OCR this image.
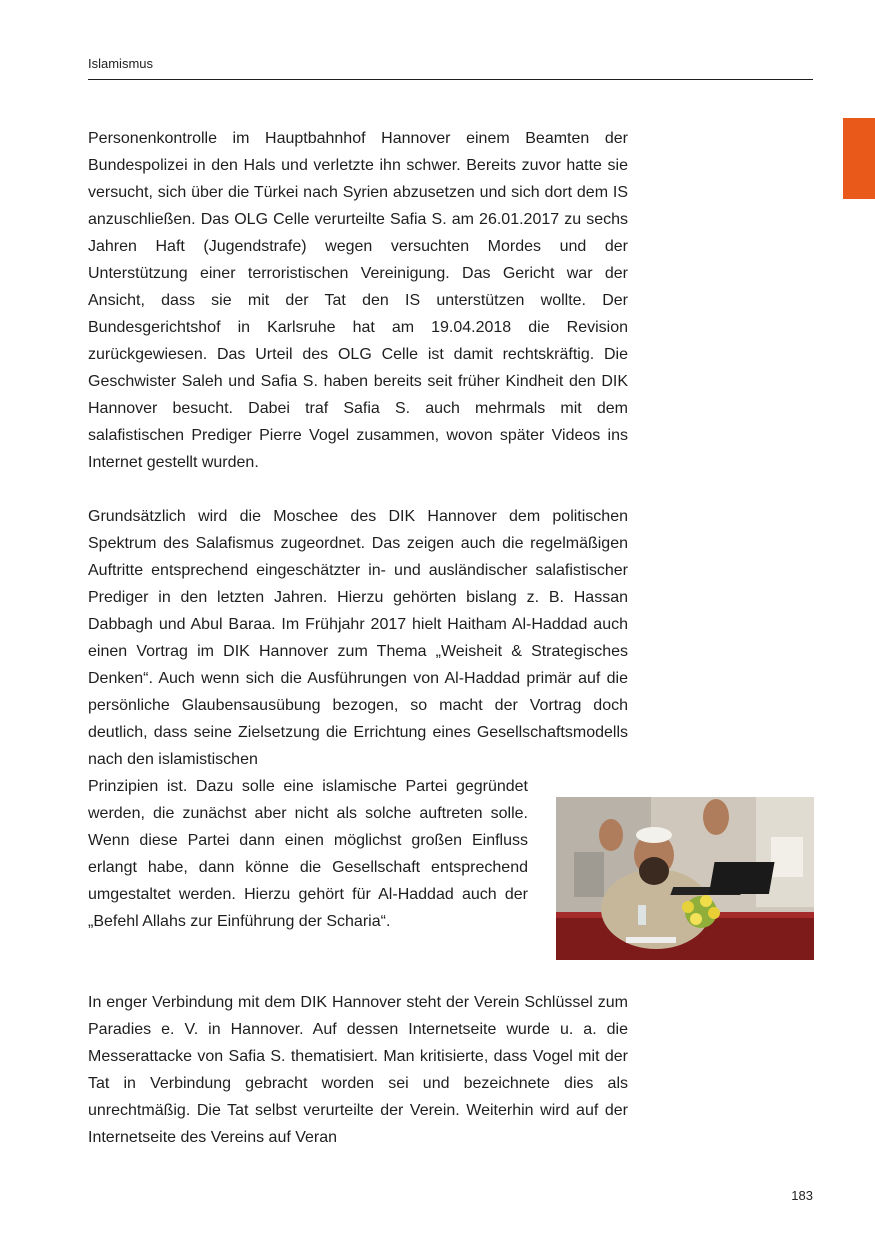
Islamismus

Personenkontrolle im Hauptbahnhof Hannover einem Beamten der Bundespolizei in den Hals und verletzte ihn schwer. Bereits zuvor hatte sie versucht, sich über die Türkei nach Syrien abzusetzen und sich dort dem IS anzuschließen. Das OLG Celle verurteilte Safia S. am 26.01.2017 zu sechs Jahren Haft (Jugendstrafe) wegen versuchten Mordes und der Unterstützung einer terroristischen Vereinigung. Das Gericht war der Ansicht, dass sie mit der Tat den IS unterstützen wollte. Der Bundesgerichtshof in Karlsruhe hat am 19.04.2018 die Revision zurückgewiesen. Das Urteil des OLG Celle ist damit rechtskräftig. Die Geschwister Saleh und Safia S. haben bereits seit früher Kindheit den DIK Hannover besucht. Dabei traf Safia S. auch mehrmals mit dem salafistischen Prediger Pierre Vogel zusammen, wovon später Videos ins Internet gestellt wurden.

Grundsätzlich wird die Moschee des DIK Hannover dem politischen Spektrum des Salafismus zugeordnet. Das zeigen auch die regelmäßigen Auftritte entsprechend eingeschätzter in- und ausländischer salafistischer Prediger in den letzten Jahren. Hierzu gehörten bislang z. B. Hassan Dabbagh und Abul Baraa. Im Frühjahr 2017 hielt Haitham Al-Haddad auch einen Vortrag im DIK Hannover zum Thema „Weisheit & Strategisches Denken“. Auch wenn sich die Ausführungen von Al-Haddad primär auf die persönliche Glaubensausübung bezogen, so macht der Vortrag doch deutlich, dass seine Zielsetzung die Errichtung eines Gesellschaftsmodells nach den islamistischen
Prinzipien ist. Dazu solle eine islamische Partei gegründet werden, die zunächst aber nicht als solche auftreten solle. Wenn diese Partei dann einen möglichst großen Einfluss erlangt habe, dann könne die Gesellschaft entsprechend umgestaltet werden. Hierzu gehört für Al-Haddad auch der „Befehl Allahs zur Einführung der Scharia“.

In enger Verbindung mit dem DIK Hannover steht der Verein Schlüssel zum Paradies e. V. in Hannover. Auf dessen Internetseite wurde u. a. die Messerattacke von Safia S. thematisiert. Man kritisierte, dass Vogel mit der Tat in Verbindung gebracht worden sei und bezeichnete dies als unrechtmäßig. Die Tat selbst verurteilte der Verein. Weiterhin wird auf der Internetseite des Vereins auf Veran

183
